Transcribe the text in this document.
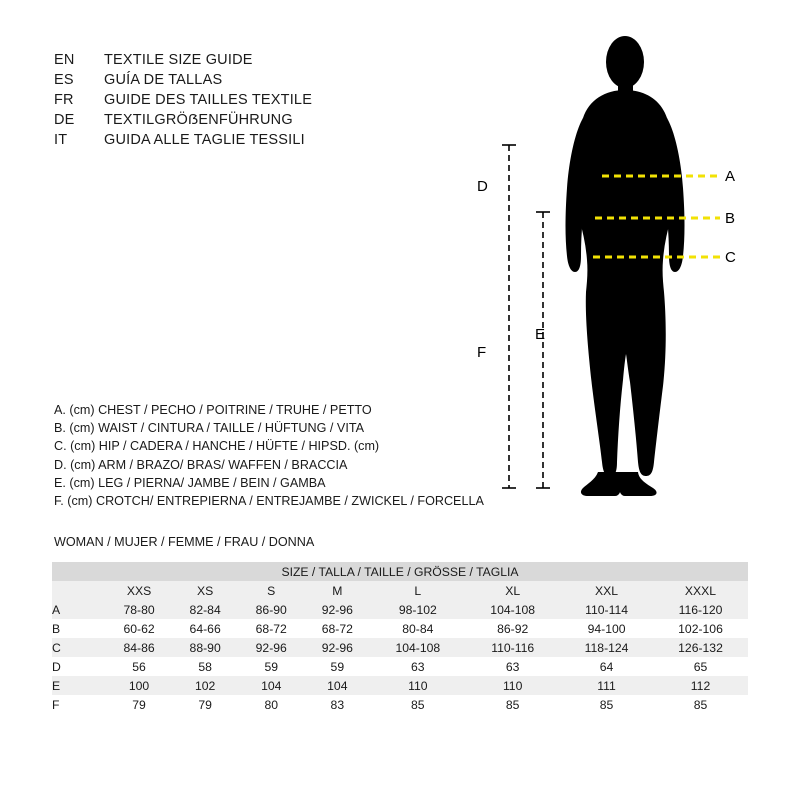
EN	TEXTILE SIZE GUIDE
ES	GUÍA DE TALLAS
FR	GUIDE DES TAILLES TEXTILE
DE	TEXTILGRÖẞENFÜHRUNG
IT	GUIDA ALLE TAGLIE TESSILI
A. (cm) CHEST / PECHO / POITRINE / TRUHE / PETTO
B. (cm) WAIST / CINTURA / TAILLE / HÜFTUNG / VITA
C. (cm) HIP / CADERA / HANCHE / HÜFTE / HIPSD. (cm)
D. (cm) ARM / BRAZO/ BRAS/ WAFFEN / BRACCIA
E. (cm) LEG / PIERNA/ JAMBE / BEIN / GAMBA
F. (cm) CROTCH/ ENTREPIERNA / ENTREJAMBE / ZWICKEL / FORCELLA
WOMAN / MUJER / FEMME / FRAU / DONNA
A
B
C
D
E
F
SIZE / TALLA / TAILLE / GRÖSSE / TAGLIA								
	XXS	XS	S	M	L	XL	XXL	XXXL
A	78-80	82-84	86-90	92-96	98-102	104-108	110-114	116-120
B	60-62	64-66	68-72	68-72	80-84	86-92	94-100	102-106
C	84-86	88-90	92-96	92-96	104-108	110-116	118-124	126-132
D	56	58	59	59	63	63	64	65
E	100	102	104	104	110	110	111	112
F	79	79	80	83	85	85	85	85
